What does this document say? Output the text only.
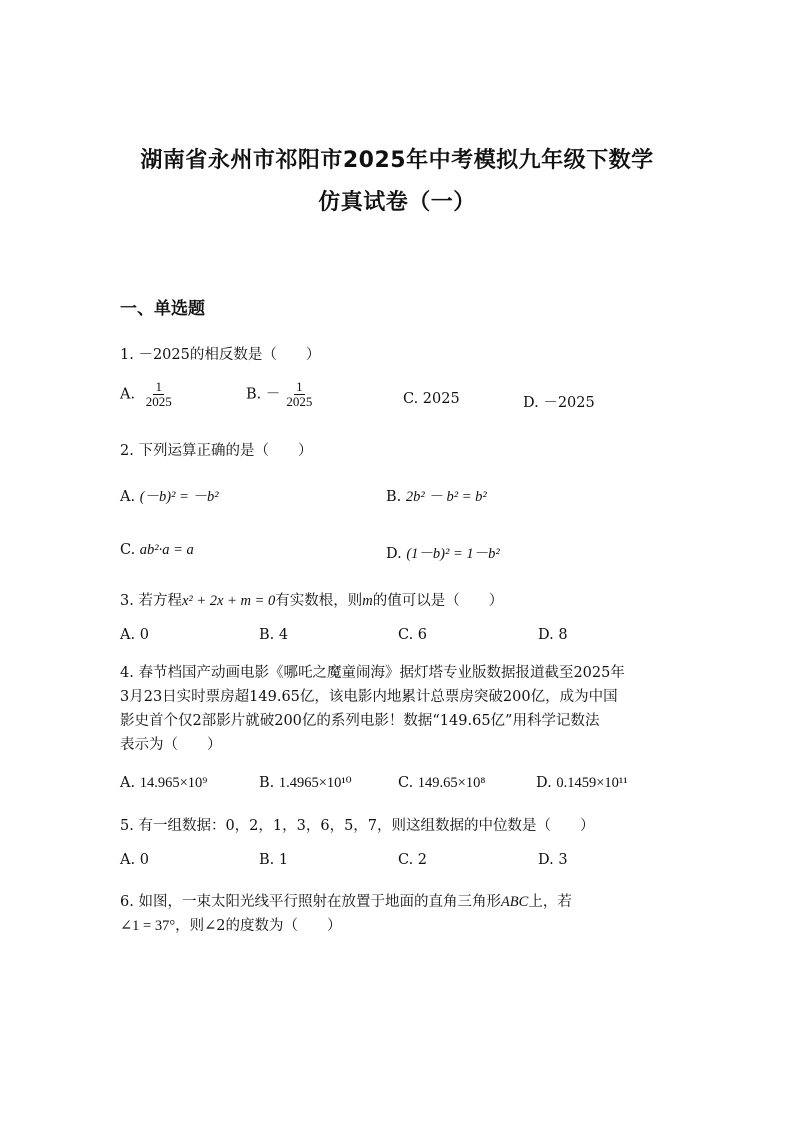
湖南省永州市祁阳市2025年中考模拟九年级下数学
仿真试卷（一）
一、单选题
1. －2025的相反数是（　　）
A. $\frac{1}{2025}$	B. － $\frac{1}{2025}$	C. 2025	D. －2025
2. 下列运算正确的是（　　）
A. (－b)² = －b²	B. 2b² － b² = b²
C. ab²·a = a	D. (1－b)² = 1－b²
3. 若方程x² + 2x + m = 0有实数根，则m的值可以是（　　）
A. 0	B. 4	C. 6	D. 8
4. 春节档国产动画电影《哪吒之魔童闹海》据灯塔专业版数据报道截至2025年
3月23日实时票房超149.65亿，该电影内地累计总票房突破200亿，成为中国
影史首个仅2部影片就破200亿的系列电影！数据“149.65亿”用科学记数法
表示为（　　）
A. 14.965×10⁹	B. 1.4965×10¹⁰	C. 149.65×10⁸	D. 0.1459×10¹¹
5. 有一组数据：0，2，1，3，6，5，7，则这组数据的中位数是（　　）
A. 0	B. 1	C. 2	D. 3
6. 如图，一束太阳光线平行照射在放置于地面的直角三角形ABC上，若
∠1 = 37°，则∠2的度数为（　　）
